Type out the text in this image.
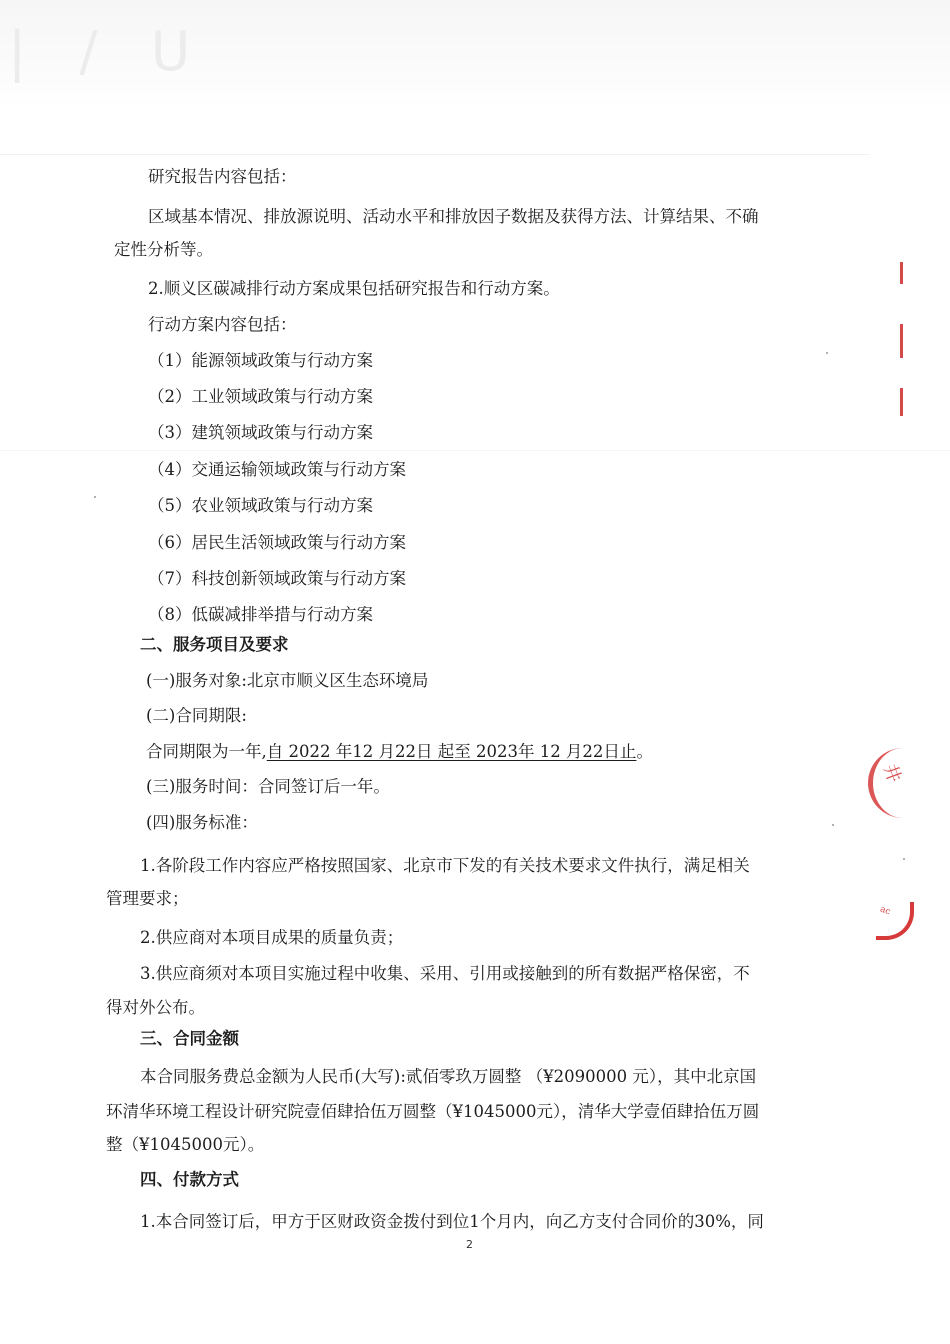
| / U
研究报告内容包括：
区域基本情况、排放源说明、活动水平和排放因子数据及获得方法、计算结果、不确
定性分析等。
2.顺义区碳减排行动方案成果包括研究报告和行动方案。
行动方案内容包括：
（1）能源领域政策与行动方案
（2）工业领域政策与行动方案
（3）建筑领域政策与行动方案
（4）交通运输领域政策与行动方案
（5）农业领域政策与行动方案
（6）居民生活领域政策与行动方案
（7）科技创新领域政策与行动方案
（8）低碳减排举措与行动方案
二、服务项目及要求
(一)服务对象:北京市顺义区生态环境局
(二)合同期限:
合同期限为一年,自 2022 年12 月22日 起至 2023年 12 月22日止。
(三)服务时间：合同签订后一年。
(四)服务标准：
1.各阶段工作内容应严格按照国家、北京市下发的有关技术要求文件执行，满足相关
管理要求；
2.供应商对本项目成果的质量负责；
3.供应商须对本项目实施过程中收集、采用、引用或接触到的所有数据严格保密，不
得对外公布。
三、合同金额
本合同服务费总金额为人民币(大写):贰佰零玖万圆整 （¥2090000 元），其中北京国
环清华环境工程设计研究院壹佰肆拾伍万圆整（¥1045000元），清华大学壹佰肆拾伍万圆
整（¥1045000元）。
四、付款方式
1.本合同签订后，甲方于区财政资金拨付到位1个月内，向乙方支付合同价的30%，同
2
井
ac
